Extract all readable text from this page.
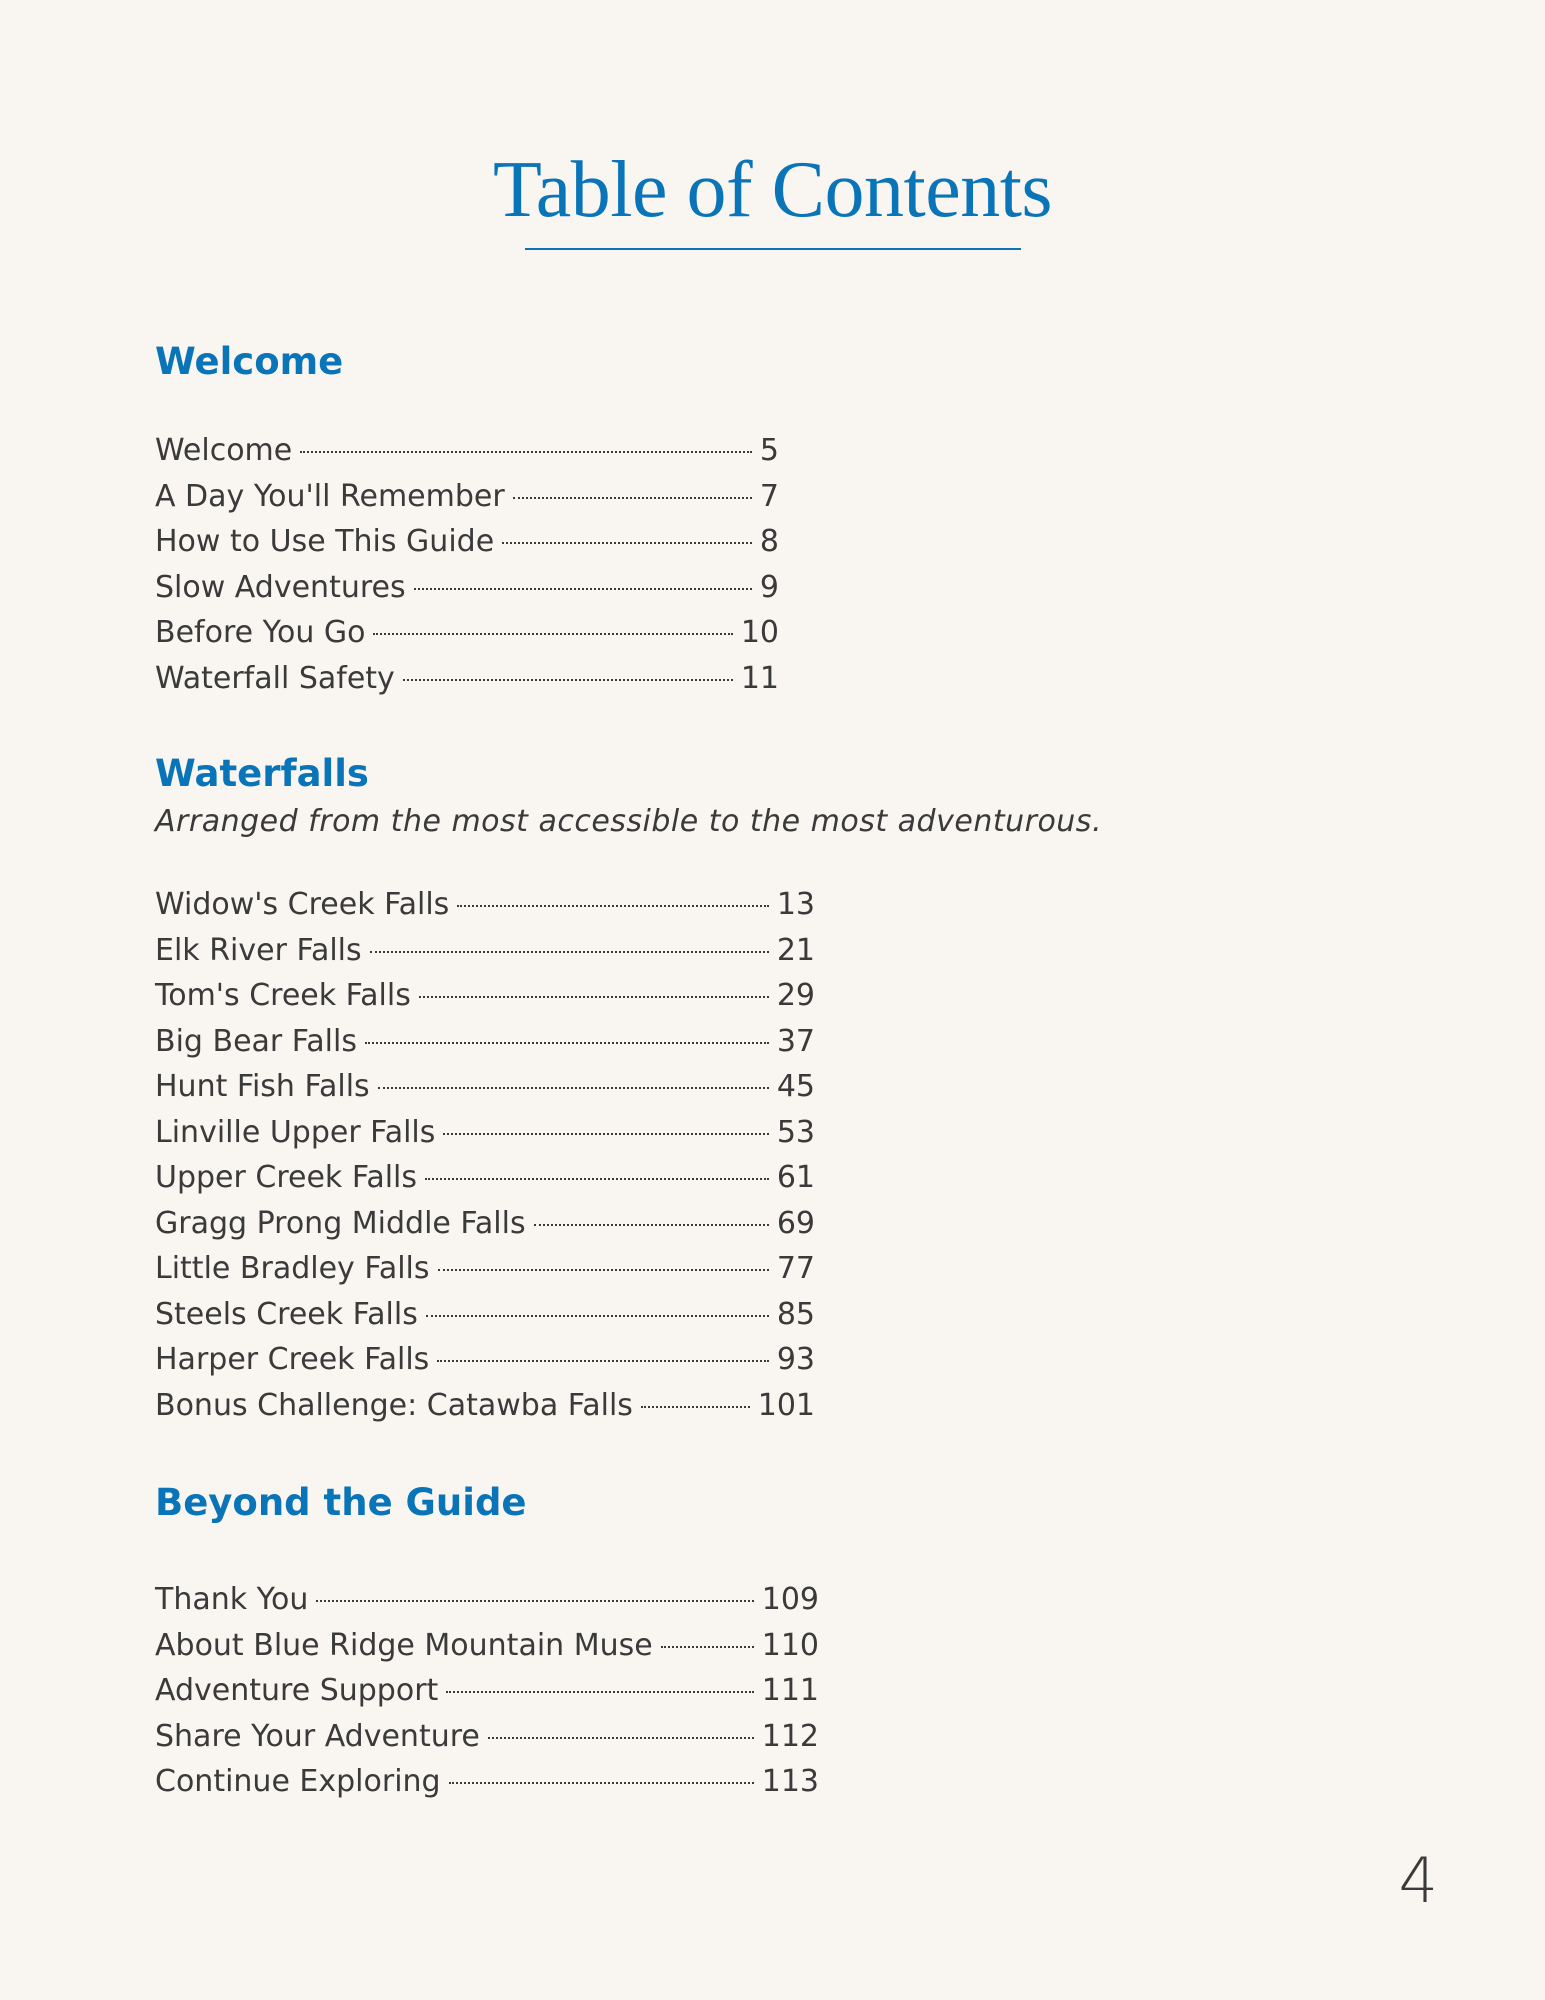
Table of Contents
Welcome
Welcome	5
A Day You'll Remember	7
How to Use This Guide	8
Slow Adventures	9
Before You Go	10
Waterfall Safety	11
Waterfalls

Arranged from the most accessible to the most adventurous.

Widow's Creek Falls	13
Elk River Falls	21
Tom's Creek Falls	29
Big Bear Falls	37
Hunt Fish Falls	45
Linville Upper Falls	53
Upper Creek Falls	61
Gragg Prong Middle Falls	69
Little Bradley Falls	77
Steels Creek Falls	85
Harper Creek Falls	93
Bonus Challenge: Catawba Falls	101
Beyond the Guide
Thank You	109
About Blue Ridge Mountain Muse	110
Adventure Support	111
Share Your Adventure	112
Continue Exploring	113

4
